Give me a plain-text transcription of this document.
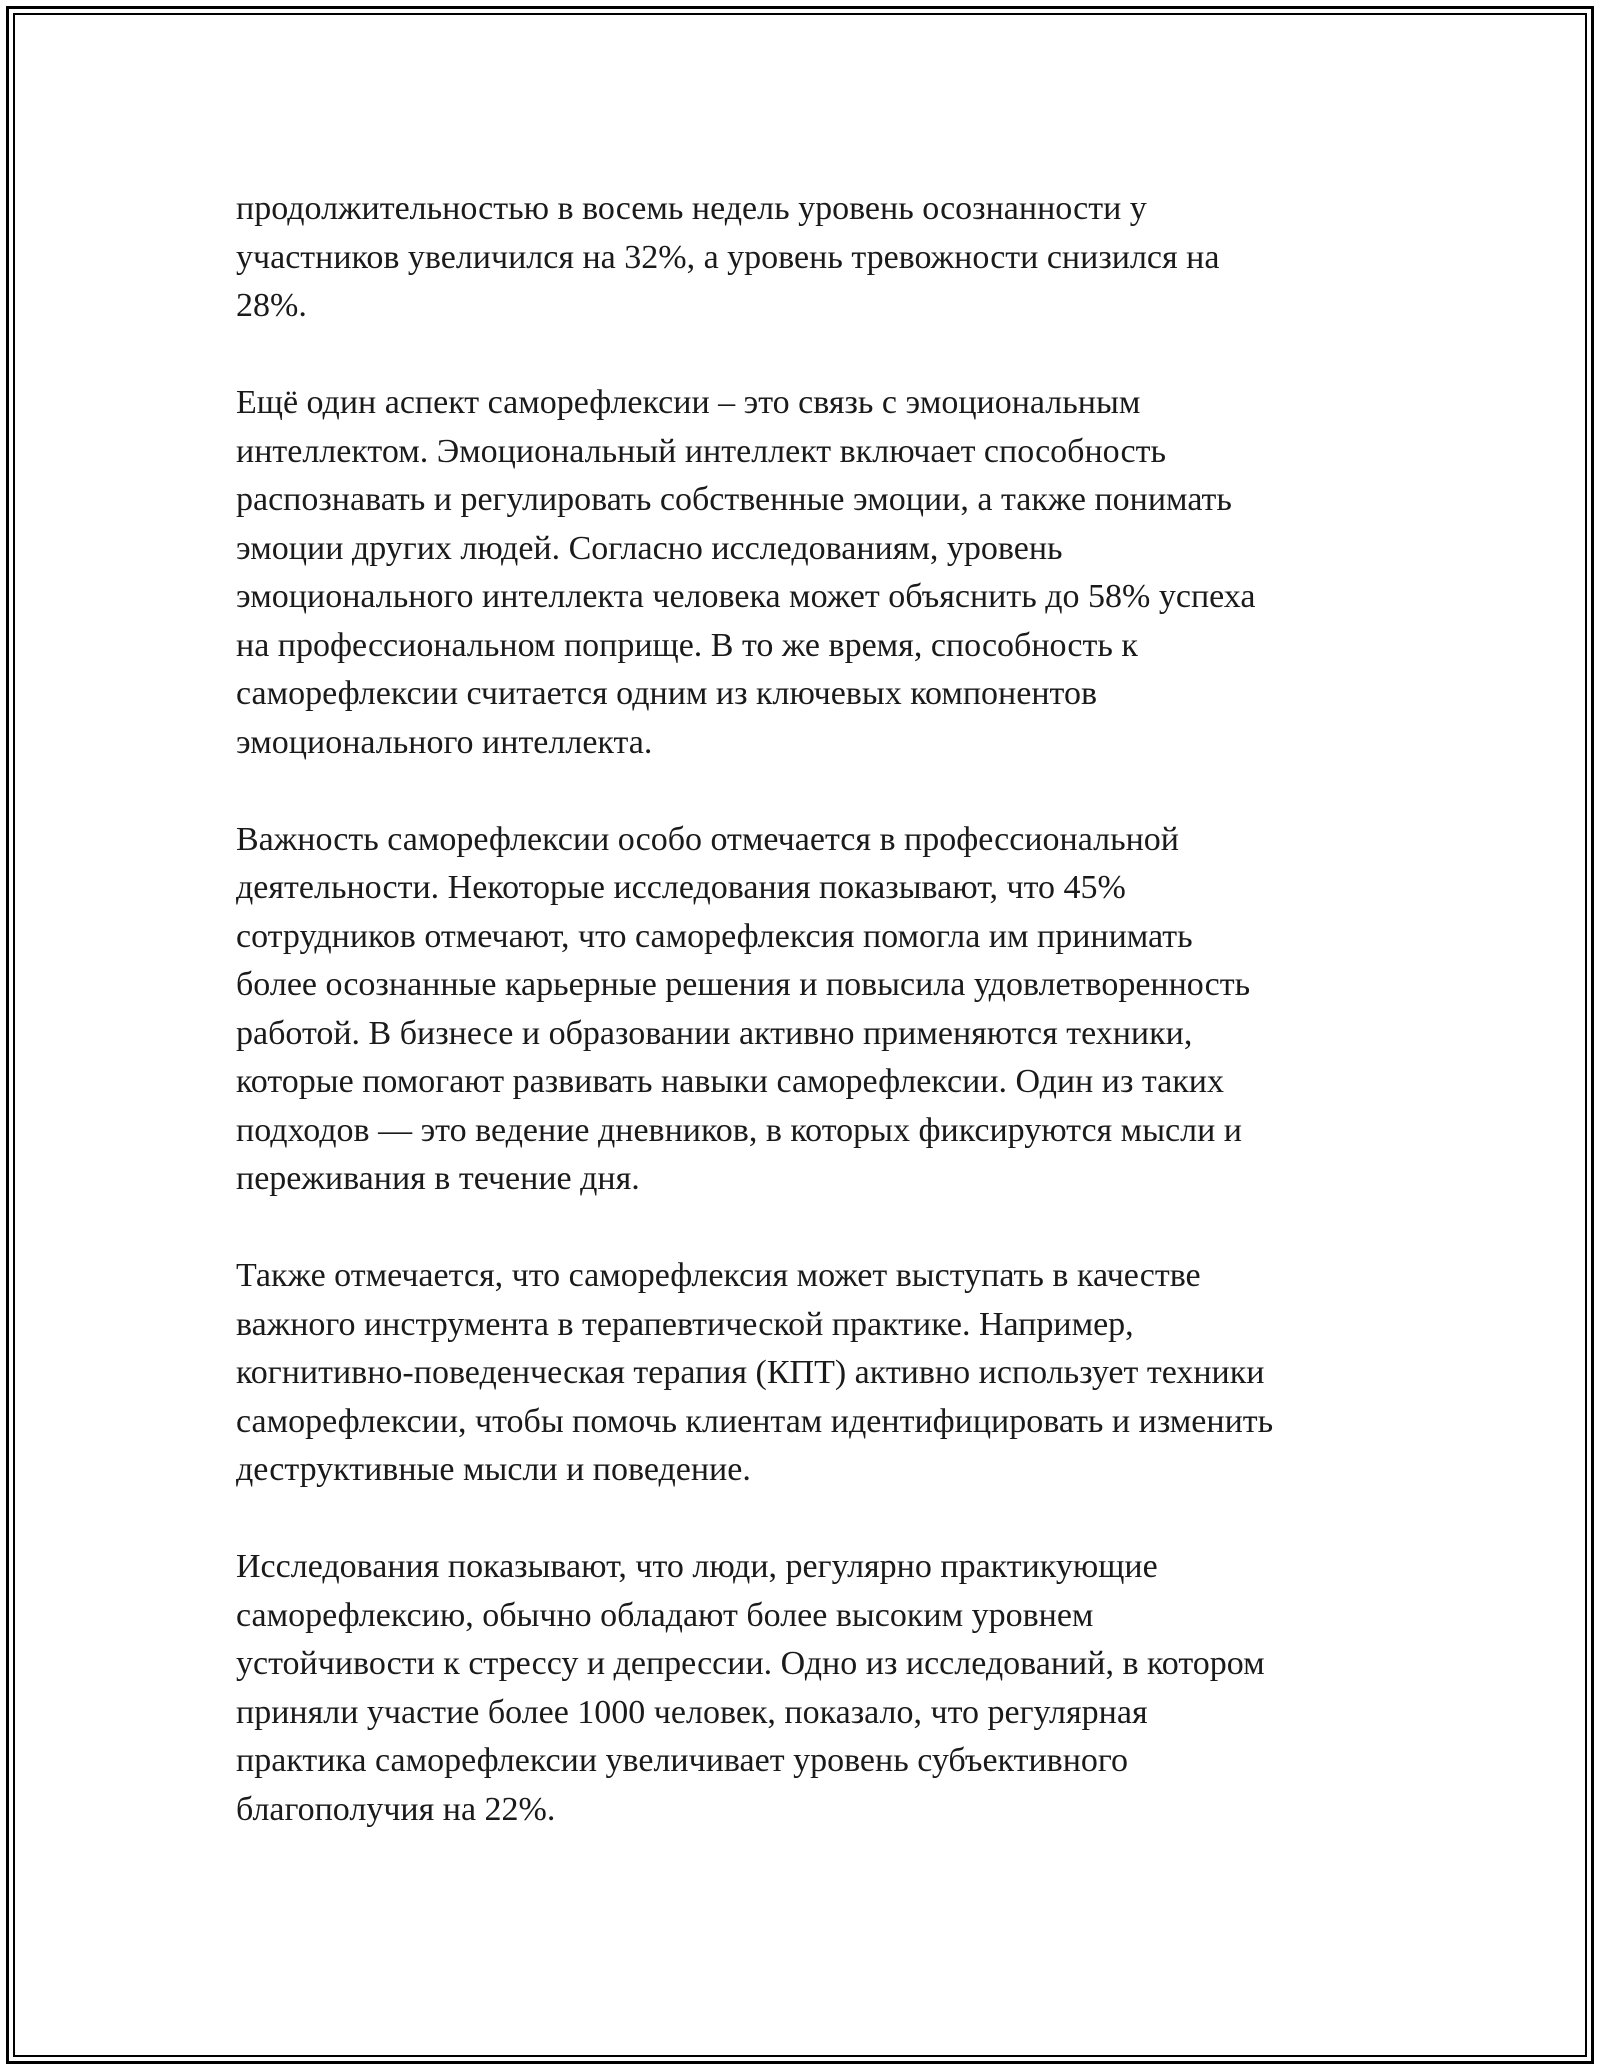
продолжительностью в восемь недель уровень осознанности у
участников увеличился на 32%, а уровень тревожности снизился на
28%.

Ещё один аспект саморефлексии – это связь с эмоциональным
интеллектом. Эмоциональный интеллект включает способность
распознавать и регулировать собственные эмоции, а также понимать
эмоции других людей. Согласно исследованиям, уровень
эмоционального интеллекта человека может объяснить до 58% успеха
на профессиональном поприще. В то же время, способность к
саморефлексии считается одним из ключевых компонентов
эмоционального интеллекта.

Важность саморефлексии особо отмечается в профессиональной
деятельности. Некоторые исследования показывают, что 45%
сотрудников отмечают, что саморефлексия помогла им принимать
более осознанные карьерные решения и повысила удовлетворенность
работой. В бизнесе и образовании активно применяются техники,
которые помогают развивать навыки саморефлексии. Один из таких
подходов — это ведение дневников, в которых фиксируются мысли и
переживания в течение дня.

Также отмечается, что саморефлексия может выступать в качестве
важного инструмента в терапевтической практике. Например,
когнитивно-поведенческая терапия (КПТ) активно использует техники
саморефлексии, чтобы помочь клиентам идентифицировать и изменить
деструктивные мысли и поведение.

Исследования показывают, что люди, регулярно практикующие
саморефлексию, обычно обладают более высоким уровнем
устойчивости к стрессу и депрессии. Одно из исследований, в котором
приняли участие более 1000 человек, показало, что регулярная
практика саморефлексии увеличивает уровень субъективного
благополучия на 22%.
